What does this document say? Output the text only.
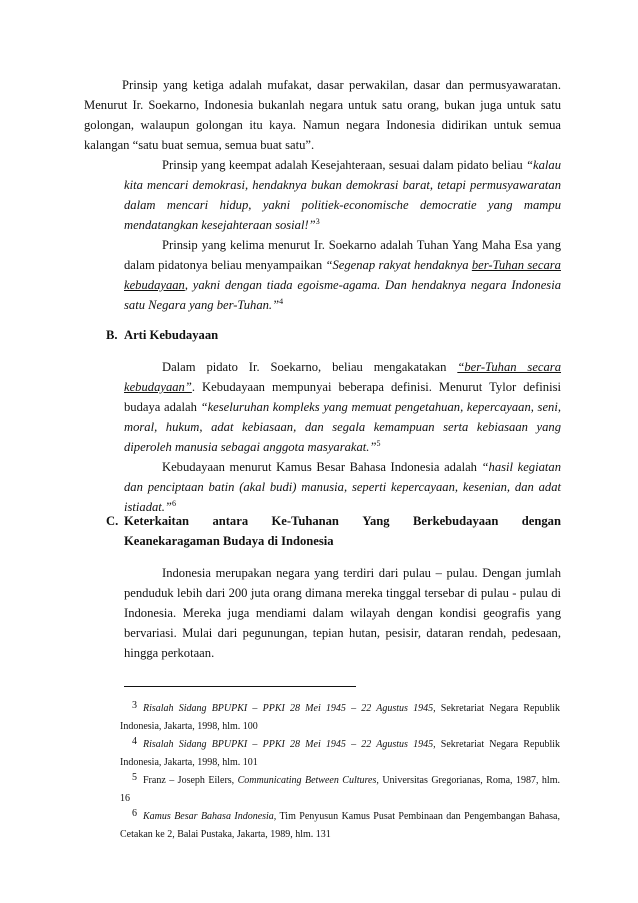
Prinsip yang ketiga adalah mufakat, dasar perwakilan, dasar dan permusyawaratan. Menurut Ir. Soekarno, Indonesia bukanlah negara untuk satu orang, bukan juga untuk satu golongan, walaupun golongan itu kaya. Namun negara Indonesia didirikan untuk semua kalangan “satu buat semua, semua buat satu”.

Prinsip yang keempat adalah Kesejahteraan, sesuai dalam pidato beliau “kalau kita mencari demokrasi, hendaknya bukan demokrasi barat, tetapi permusyawaratan dalam mencari hidup, yakni politiek-economische democratie yang mampu mendatangkan kesejahteraan sosial!”$^3$

Prinsip yang kelima menurut Ir. Soekarno adalah Tuhan Yang Maha Esa yang dalam pidatonya beliau menyampaikan “Segenap rakyat hendaknya ber-Tuhan secara kebudayaan, yakni dengan tiada egoisme-agama. Dan hendaknya negara Indonesia satu Negara yang ber-Tuhan.”$^4$

B. Arti Kebudayaan

Dalam pidato Ir. Soekarno, beliau mengakatakan “ber-Tuhan secara kebudayaan”. Kebudayaan mempunyai beberapa definisi. Menurut Tylor definisi budaya adalah “keseluruhan kompleks yang memuat pengetahuan, kepercayaan, seni, moral, hukum, adat kebiasaan, dan segala kemampuan serta kebiasaan yang diperoleh manusia sebagai anggota masyarakat.”$^5$

Kebudayaan menurut Kamus Besar Bahasa Indonesia adalah “hasil kegiatan dan penciptaan batin (akal budi) manusia, seperti kepercayaan, kesenian, dan adat istiadat.”$^6$

C. Keterkaitan antara Ke-Tuhanan Yang Berkebudayaan dengan
Keanekaragaman Budaya di Indonesia

Indonesia merupakan negara yang terdiri dari pulau – pulau. Dengan jumlah penduduk lebih dari 200 juta orang dimana mereka tinggal tersebar di pulau - pulau di Indonesia. Mereka juga mendiami dalam wilayah dengan kondisi geografis yang bervariasi. Mulai dari pegunungan, tepian hutan, pesisir, dataran rendah, pedesaan, hingga perkotaan.

3 Risalah Sidang BPUPKI – PPKI 28 Mei 1945 – 22 Agustus 1945, Sekretariat Negara Republik Indonesia, Jakarta, 1998, hlm. 100
4 Risalah Sidang BPUPKI – PPKI 28 Mei 1945 – 22 Agustus 1945, Sekretariat Negara Republik Indonesia, Jakarta, 1998, hlm. 101
5 Franz – Joseph Eilers, Communicating Between Cultures, Universitas Gregorianas, Roma, 1987, hlm. 16
6 Kamus Besar Bahasa Indonesia, Tim Penyusun Kamus Pusat Pembinaan dan Pengembangan Bahasa, Cetakan ke 2, Balai Pustaka, Jakarta, 1989, hlm. 131
